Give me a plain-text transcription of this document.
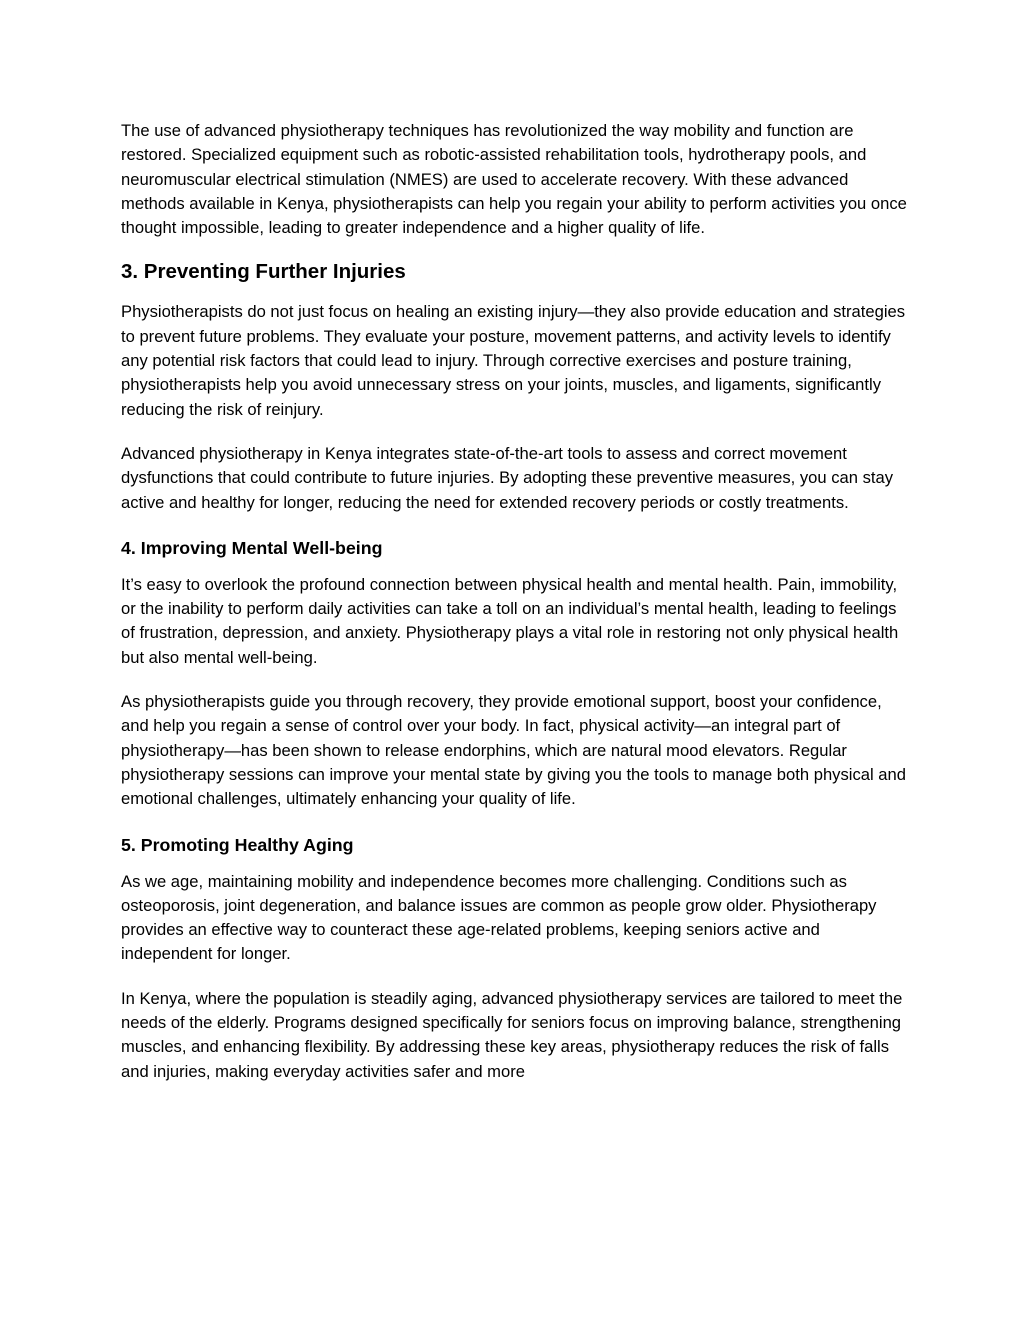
The use of advanced physiotherapy techniques has revolutionized the way mobility and function are restored. Specialized equipment such as robotic-assisted rehabilitation tools, hydrotherapy pools, and neuromuscular electrical stimulation (NMES) are used to accelerate recovery. With these advanced methods available in Kenya, physiotherapists can help you regain your ability to perform activities you once thought impossible, leading to greater independence and a higher quality of life.

3. Preventing Further Injuries

Physiotherapists do not just focus on healing an existing injury—they also provide education and strategies to prevent future problems. They evaluate your posture, movement patterns, and activity levels to identify any potential risk factors that could lead to injury. Through corrective exercises and posture training, physiotherapists help you avoid unnecessary stress on your joints, muscles, and ligaments, significantly reducing the risk of reinjury.

Advanced physiotherapy in Kenya integrates state-of-the-art tools to assess and correct movement dysfunctions that could contribute to future injuries. By adopting these preventive measures, you can stay active and healthy for longer, reducing the need for extended recovery periods or costly treatments.

4. Improving Mental Well-being

It’s easy to overlook the profound connection between physical health and mental health. Pain, immobility, or the inability to perform daily activities can take a toll on an individual’s mental health, leading to feelings of frustration, depression, and anxiety. Physiotherapy plays a vital role in restoring not only physical health but also mental well-being.

As physiotherapists guide you through recovery, they provide emotional support, boost your confidence, and help you regain a sense of control over your body. In fact, physical activity—an integral part of physiotherapy—has been shown to release endorphins, which are natural mood elevators. Regular physiotherapy sessions can improve your mental state by giving you the tools to manage both physical and emotional challenges, ultimately enhancing your quality of life.

5. Promoting Healthy Aging

As we age, maintaining mobility and independence becomes more challenging. Conditions such as osteoporosis, joint degeneration, and balance issues are common as people grow older. Physiotherapy provides an effective way to counteract these age-related problems, keeping seniors active and independent for longer.

In Kenya, where the population is steadily aging, advanced physiotherapy services are tailored to meet the needs of the elderly. Programs designed specifically for seniors focus on improving balance, strengthening muscles, and enhancing flexibility. By addressing these key areas, physiotherapy reduces the risk of falls and injuries, making everyday activities safer and more
